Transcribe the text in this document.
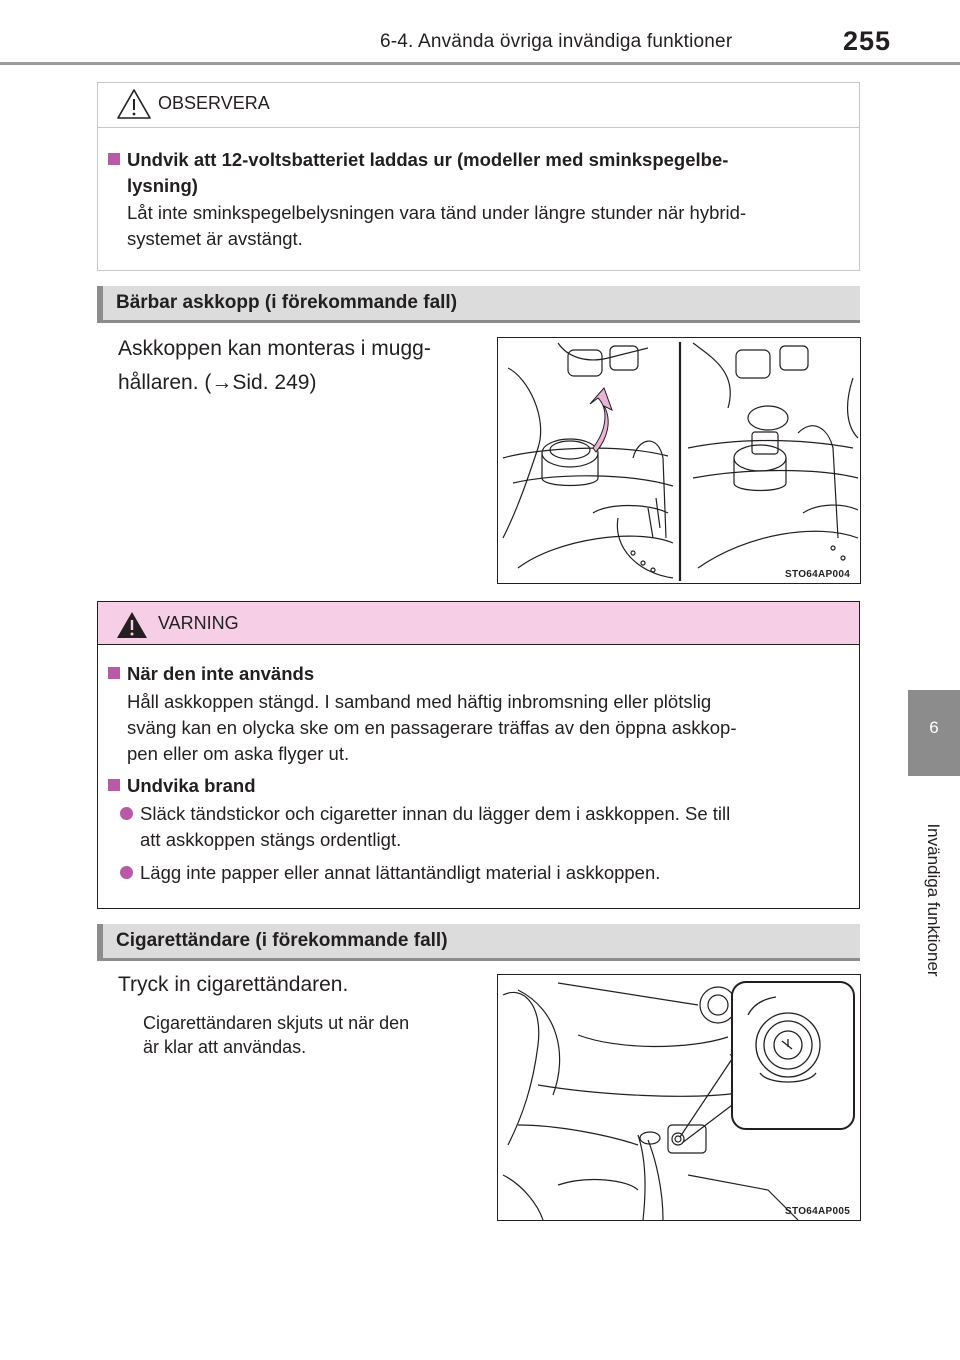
6-4. Använda övriga invändiga funktioner	255
6
Invändiga funktioner
OBSERVERA
Undvik att 12-voltsbatteriet laddas ur (modeller med sminkspegelbe-
lysning)
Låt inte sminkspegelbelysningen vara tänd under längre stunder när hybrid-
systemet är avstängt.
Bärbar askkopp (i förekommande fall)
Askkoppen kan monteras i mugg-
hållaren. (→Sid. 249)
STO64AP004
VARNING
När den inte används
Håll askkoppen stängd. I samband med häftig inbromsning eller plötslig
sväng kan en olycka ske om en passagerare träffas av den öppna askkop-
pen eller om aska flyger ut.
Undvika brand
Släck tändstickor och cigaretter innan du lägger dem i askkoppen. Se till
att askkoppen stängs ordentligt.
Lägg inte papper eller annat lättantändligt material i askkoppen.
Cigarettändare (i förekommande fall)
Tryck in cigarettändaren.
Cigarettändaren skjuts ut när den
är klar att användas.
STO64AP005
